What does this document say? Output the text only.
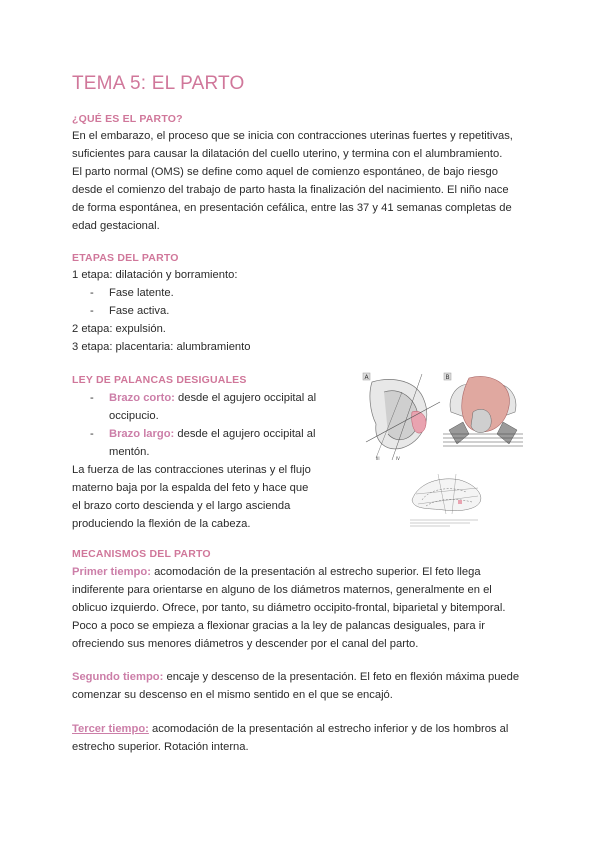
TEMA 5: EL PARTO
¿QUÉ ES EL PARTO?
En el embarazo, el proceso que se inicia con contracciones uterinas fuertes y repetitivas,
suficientes para causar la dilatación del cuello uterino, y termina con el alumbramiento.
El parto normal (OMS) se define como aquel de comienzo espontáneo, de bajo riesgo
desde el comienzo del trabajo de parto hasta la finalización del nacimiento. El niño nace
de forma espontánea, en presentación cefálica, entre las 37 y 41 semanas completas de
edad gestacional.
ETAPAS DEL PARTO
1 etapa: dilatación y borramiento:
- Fase latente.
- Fase activa.
2 etapa: expulsión.
3 etapa: placentaria: alumbramiento
LEY DE PALANCAS DESIGUALES
- Brazo corto: desde el agujero occipital al
occipucio.
- Brazo largo: desde el agujero occipital al
mentón.
La fuerza de las contracciones uterinas y el flujo
materno baja por la espalda del feto y hace que
el brazo corto descienda y el largo ascienda
produciendo la flexión de la cabeza.
A
III	IV
B
MECANISMOS DEL PARTO
Primer tiempo: acomodación de la presentación al estrecho superior. El feto llega
indiferente para orientarse en alguno de los diámetros maternos, generalmente en el
oblicuo izquierdo. Ofrece, por tanto, su diámetro occipito-frontal, biparietal y bitemporal.
Poco a poco se empieza a flexionar gracias a la ley de palancas desiguales, para ir
ofreciendo sus menores diámetros y descender por el canal del parto.
Segundo tiempo: encaje y descenso de la presentación. El feto en flexión máxima puede
comenzar su descenso en el mismo sentido en el que se encajó.
Tercer tiempo: acomodación de la presentación al estrecho inferior y de los hombros al
estrecho superior. Rotación interna.
